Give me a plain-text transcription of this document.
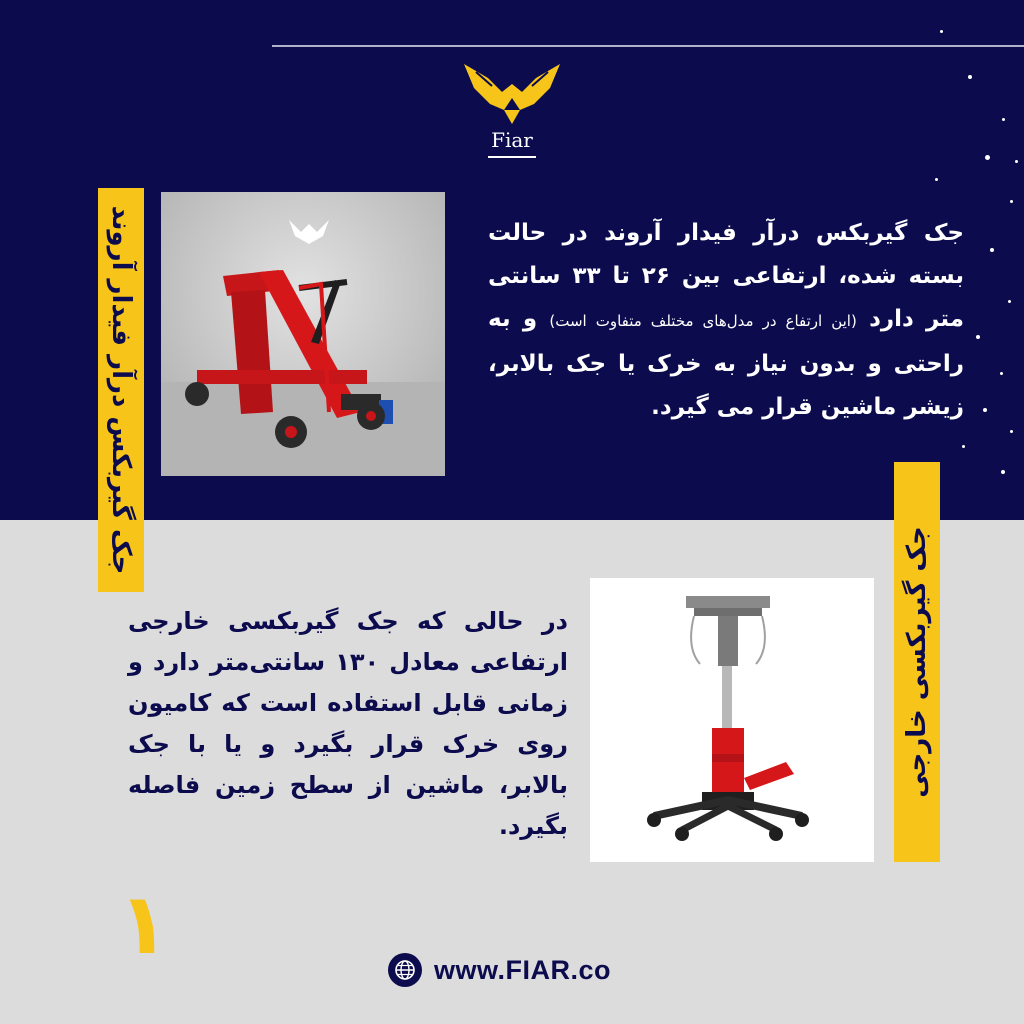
Fiar
جک گیربکس درآر فیدار آروند در حالت بسته شده، ارتفاعی بین ۲۶ تا ۳۳ سانتی متر دارد (این ارتفاع در مدل‌های مختلف متفاوت است) و به راحتی و بدون نیاز به خرک یا جک بالابر، زیشر ماشین قرار می گیرد.
در حالی که جک گیربکسی خارجی ارتفاعی معادل ۱۳۰ سانتی‌متر دارد و زمانی قابل استفاده است که کامیون روی خرک قرار بگیرد و یا با جک بالابر، ماشین از سطح زمین فاصله بگیرد.
جک گیربکس درآر فیدار آروند
جک گیربکسی خارجی
۱	www.FIAR.co
